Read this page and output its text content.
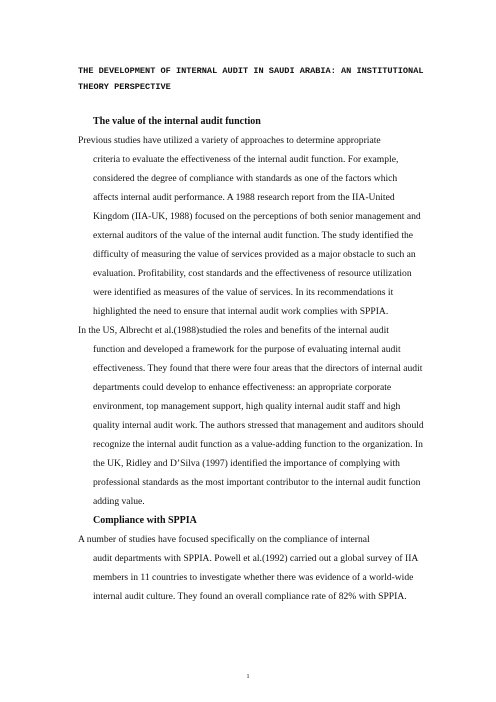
THE DEVELOPMENT OF INTERNAL AUDIT IN SAUDI ARABIA: AN INSTITUTIONAL
THEORY PERSPECTIVE

The value of the internal audit function

Previous studies have utilized a variety of approaches to determine appropriate
criteria to evaluate the effectiveness of the internal audit function. For example,
considered the degree of compliance with standards as one of the factors which
affects internal audit performance. A 1988 research report from the IIA-United
Kingdom (IIA-UK, 1988) focused on the perceptions of both senior management and
external auditors of the value of the internal audit function. The study identified the
difficulty of measuring the value of services provided as a major obstacle to such an
evaluation. Profitability, cost standards and the effectiveness of resource utilization
were identified as measures of the value of services. In its recommendations it
highlighted the need to ensure that internal audit work complies with SPPIA.

In the US, Albrecht et al.(1988)studied the roles and benefits of the internal audit
function and developed a framework for the purpose of evaluating internal audit
effectiveness. They found that there were four areas that the directors of internal audit
departments could develop to enhance effectiveness: an appropriate corporate
environment, top management support, high quality internal audit staff and high
quality internal audit work. The authors stressed that management and auditors should
recognize the internal audit function as a value-adding function to the organization. In
the UK, Ridley and D’Silva (1997) identified the importance of complying with
professional standards as the most important contributor to the internal audit function
adding value.

Compliance with SPPIA

A number of studies have focused specifically on the compliance of internal
audit departments with SPPIA. Powell et al.(1992) carried out a global survey of IIA
members in 11 countries to investigate whether there was evidence of a world-wide
internal audit culture. They found an overall compliance rate of 82% with SPPIA.

1
